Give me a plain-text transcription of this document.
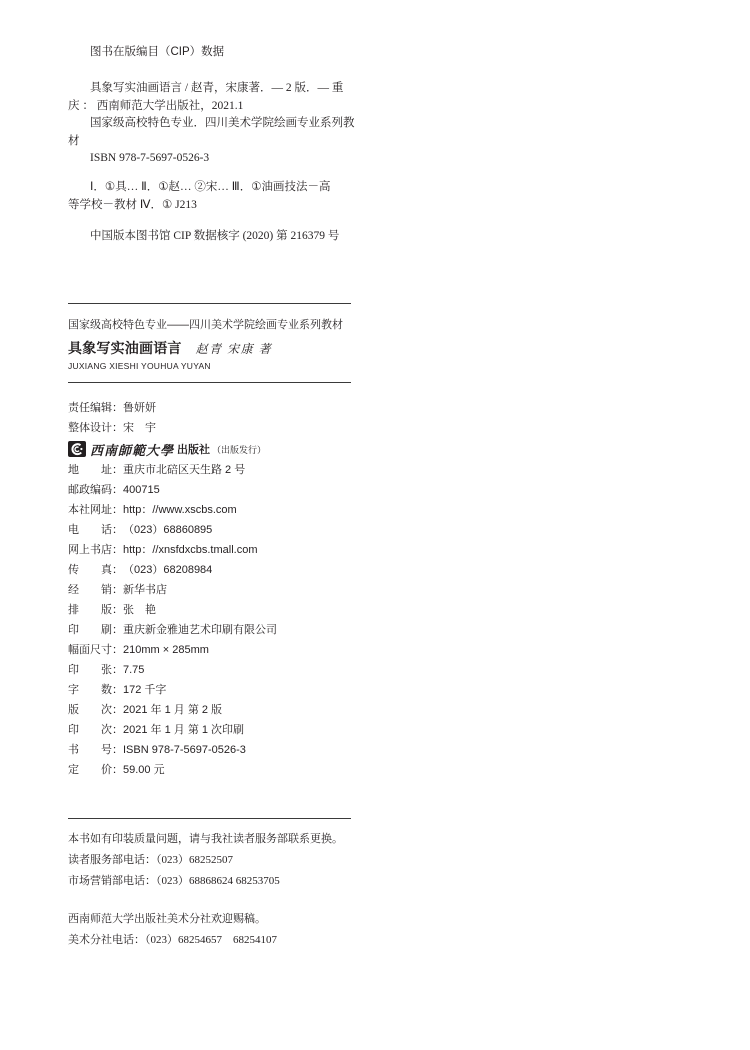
图书在版编目（CIP）数据
具象写实油画语言 / 赵青，宋康著．— 2 版．— 重
庆 ： 西南师范大学出版社，2021.1
国家级高校特色专业．四川美术学院绘画专业系列教
材
ISBN 978-7-5697-0526-3
Ⅰ．①具… Ⅱ．①赵… ②宋… Ⅲ．①油画技法－高
等学校－教材 Ⅳ．① J213
中国版本图书馆 CIP 数据核字 (2020) 第 216379 号
国家级高校特色专业——四川美术学院绘画专业系列教材
具象写实油画语言 赵青 宋康 著
JUXIANG XIESHI YOUHUA YUYAN
责任编辑：鲁妍妍
整体设计：宋　宇
西南師範大學 出版社 （出版发行）
地　　址：重庆市北碚区天生路 2 号
邮政编码：400715
本社网址：http：//www.xscbs.com
电　　话：（023）68860895
网上书店：http：//xnsfdxcbs.tmall.com
传　　真：（023）68208984
经　　销：新华书店
排　　版：张　艳
印　　刷：重庆新金雅迪艺术印刷有限公司
幅面尺寸：210mm × 285mm
印　　张：7.75
字　　数：172 千字
版　　次：2021 年 1 月 第 2 版
印　　次：2021 年 1 月 第 1 次印刷
书　　号：ISBN 978-7-5697-0526-3
定　　价：59.00 元
本书如有印装质量问题，请与我社读者服务部联系更换。
读者服务部电话：（023）68252507
市场营销部电话：（023）68868624 68253705
西南师范大学出版社美术分社欢迎赐稿。
美术分社电话：（023）68254657　68254107
